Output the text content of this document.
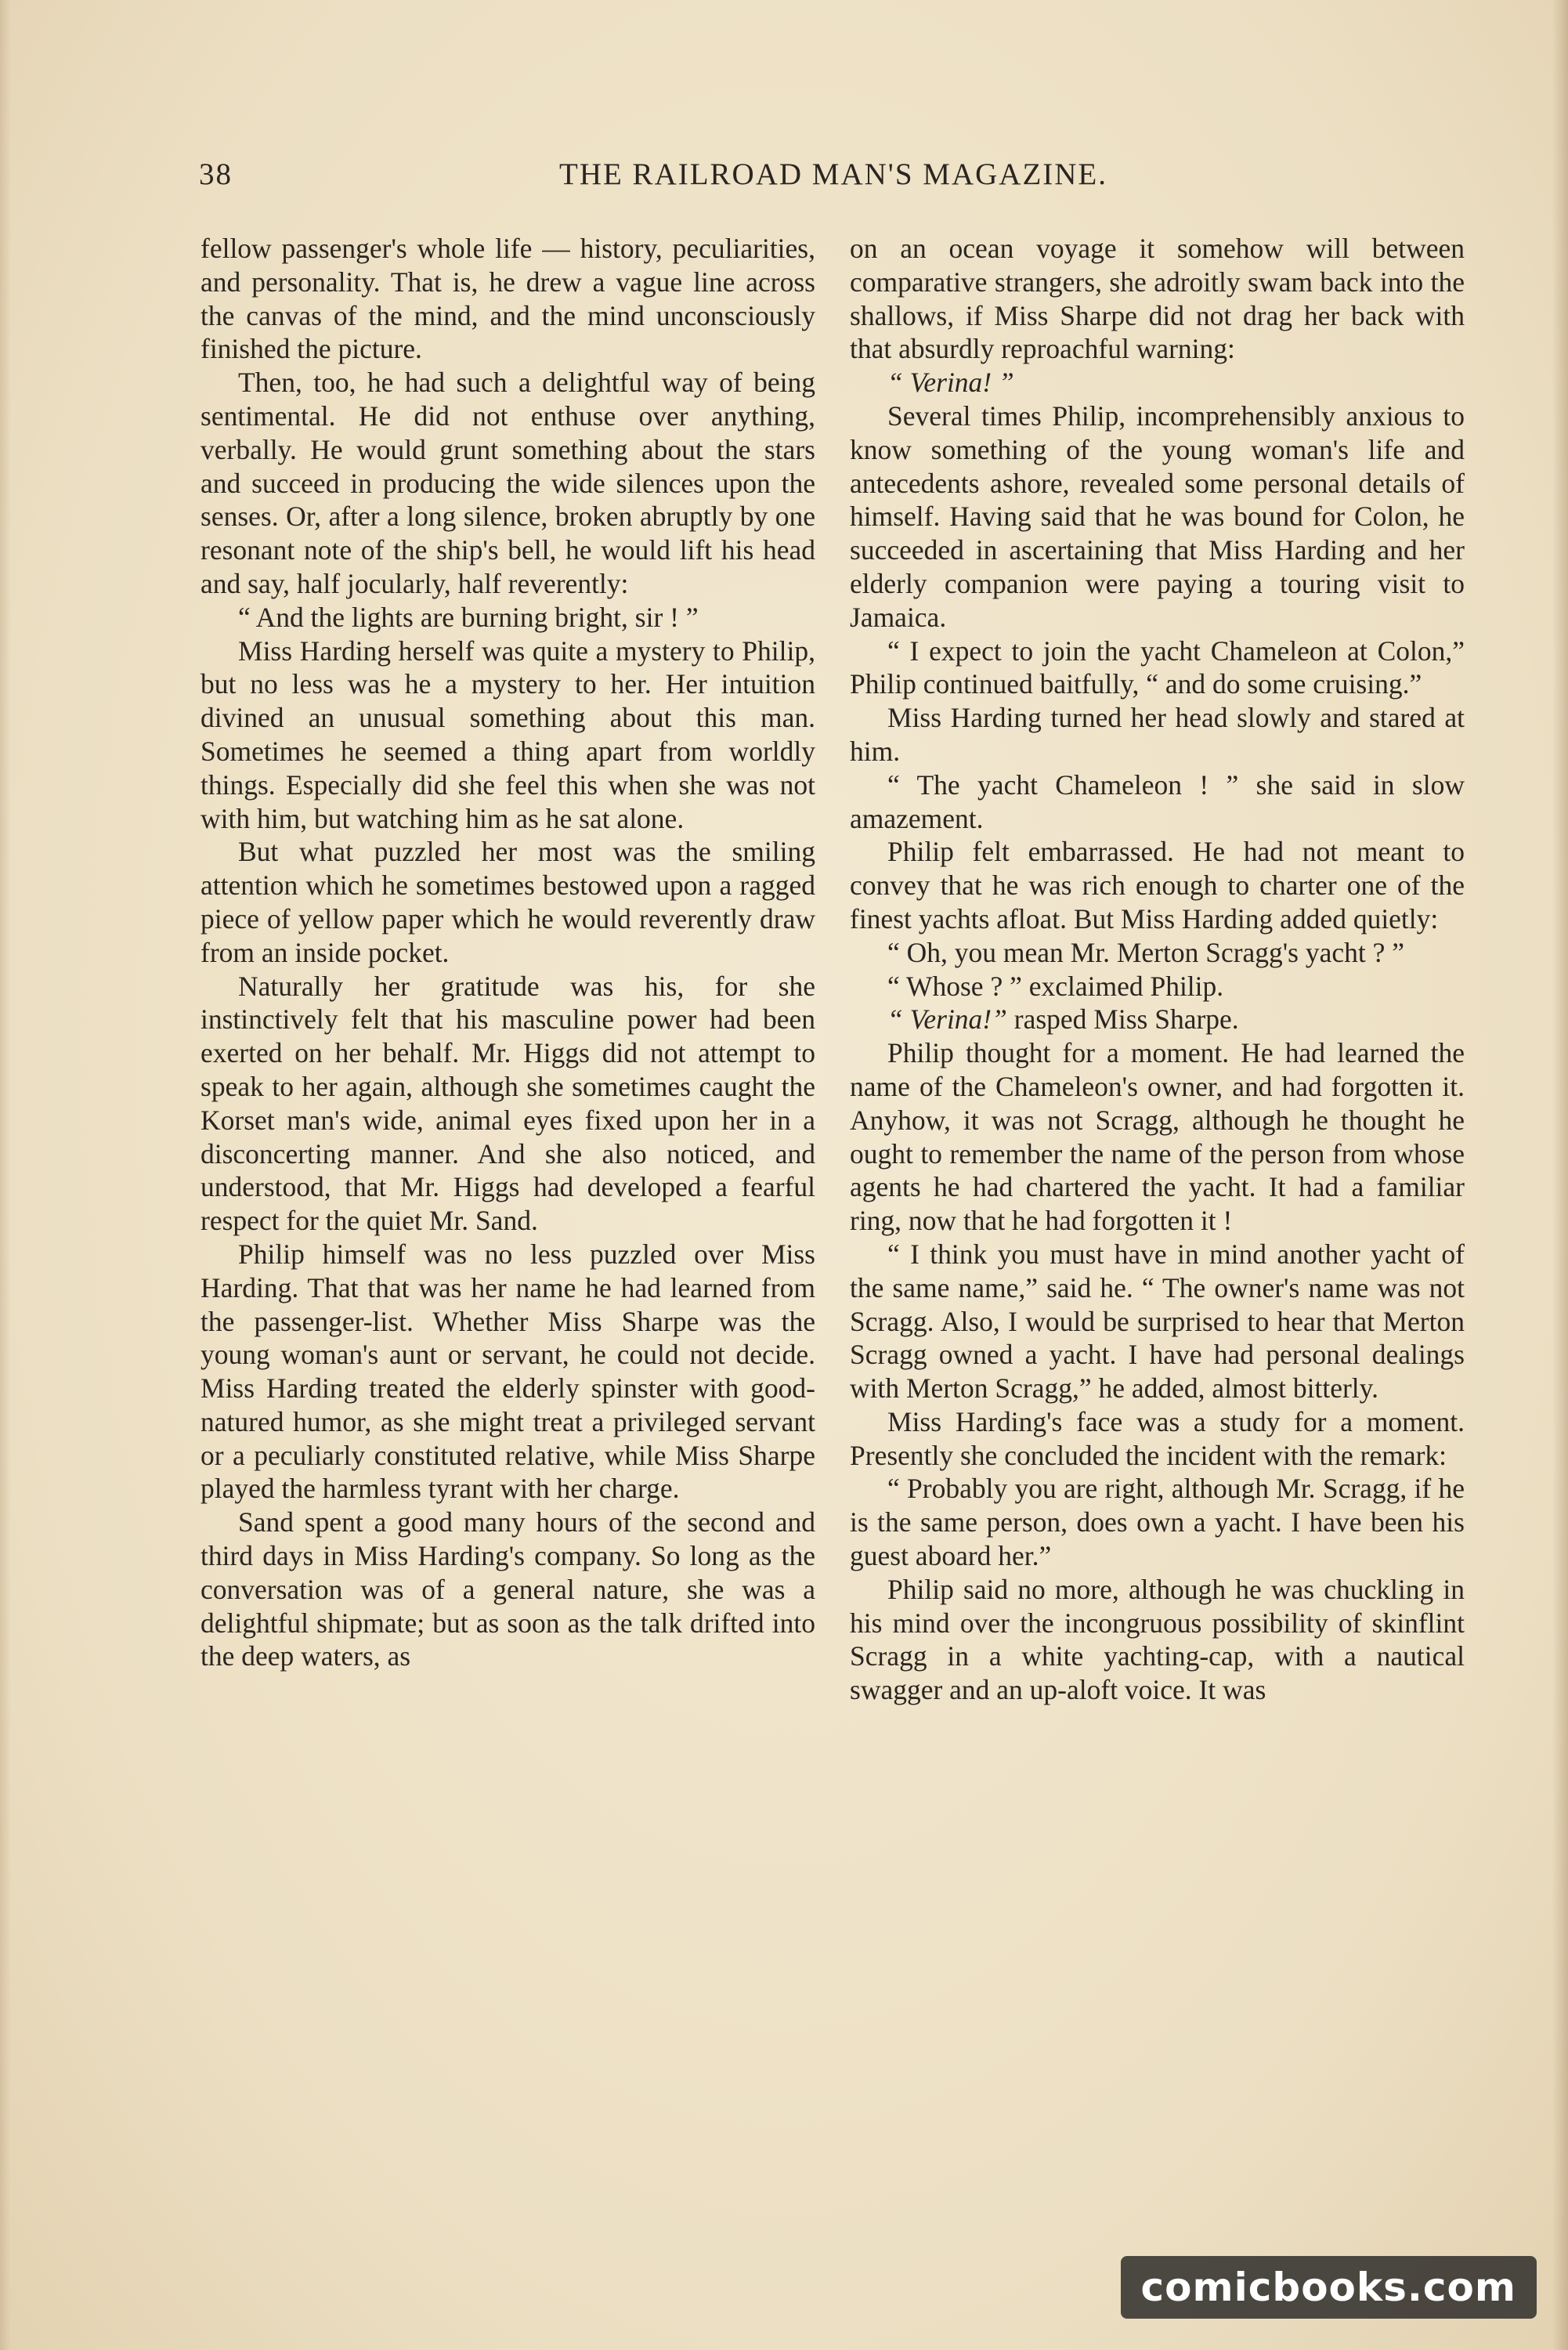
38	THE RAILROAD MAN'S MAGAZINE.

fellow passenger's whole life — history, peculiarities, and personality. That is, he drew a vague line across the canvas of the mind, and the mind unconsciously finished the picture.

Then, too, he had such a delightful way of being sentimental. He did not enthuse over anything, verbally. He would grunt something about the stars and succeed in producing the wide silences upon the senses. Or, after a long silence, broken abruptly by one resonant note of the ship's bell, he would lift his head and say, half jocularly, half reverently:

“ And the lights are burning bright, sir ! ”

Miss Harding herself was quite a mystery to Philip, but no less was he a mystery to her. Her intuition divined an unusual something about this man. Sometimes he seemed a thing apart from worldly things. Especially did she feel this when she was not with him, but watching him as he sat alone.

But what puzzled her most was the smiling attention which he sometimes bestowed upon a ragged piece of yellow paper which he would reverently draw from an inside pocket.

Naturally her gratitude was his, for she instinctively felt that his masculine power had been exerted on her behalf. Mr. Higgs did not attempt to speak to her again, although she sometimes caught the Korset man's wide, animal eyes fixed upon her in a disconcerting manner. And she also noticed, and understood, that Mr. Higgs had developed a fearful respect for the quiet Mr. Sand.

Philip himself was no less puzzled over Miss Harding. That that was her name he had learned from the passenger-list. Whether Miss Sharpe was the young woman's aunt or servant, he could not decide. Miss Harding treated the elderly spinster with good-natured humor, as she might treat a privileged servant or a peculiarly constituted relative, while Miss Sharpe played the harmless tyrant with her charge.

Sand spent a good many hours of the second and third days in Miss Harding's company. So long as the conversation was of a general nature, she was a delightful shipmate; but as soon as the talk drifted into the deep waters, as

on an ocean voyage it somehow will between comparative strangers, she adroitly swam back into the shallows, if Miss Sharpe did not drag her back with that absurdly reproachful warning:

“ Verina! ”

Several times Philip, incomprehensibly anxious to know something of the young woman's life and antecedents ashore, revealed some personal details of himself. Having said that he was bound for Colon, he succeeded in ascertaining that Miss Harding and her elderly companion were paying a touring visit to Jamaica.

“ I expect to join the yacht Chameleon at Colon,” Philip continued baitfully, “ and do some cruising.”

Miss Harding turned her head slowly and stared at him.

“ The yacht Chameleon ! ” she said in slow amazement.

Philip felt embarrassed. He had not meant to convey that he was rich enough to charter one of the finest yachts afloat. But Miss Harding added quietly:

“ Oh, you mean Mr. Merton Scragg's yacht ? ”

“ Whose ? ” exclaimed Philip.

“ Verina!” rasped Miss Sharpe.

Philip thought for a moment. He had learned the name of the Chameleon's owner, and had forgotten it. Anyhow, it was not Scragg, although he thought he ought to remember the name of the person from whose agents he had chartered the yacht. It had a familiar ring, now that he had forgotten it !

“ I think you must have in mind another yacht of the same name,” said he. “ The owner's name was not Scragg. Also, I would be surprised to hear that Merton Scragg owned a yacht. I have had personal dealings with Merton Scragg,” he added, almost bitterly.

Miss Harding's face was a study for a moment. Presently she concluded the incident with the remark:

“ Probably you are right, although Mr. Scragg, if he is the same person, does own a yacht. I have been his guest aboard her.”

Philip said no more, although he was chuckling in his mind over the incongruous possibility of skinflint Scragg in a white yachting-cap, with a nautical swagger and an up-aloft voice. It was

comicbooks.com
